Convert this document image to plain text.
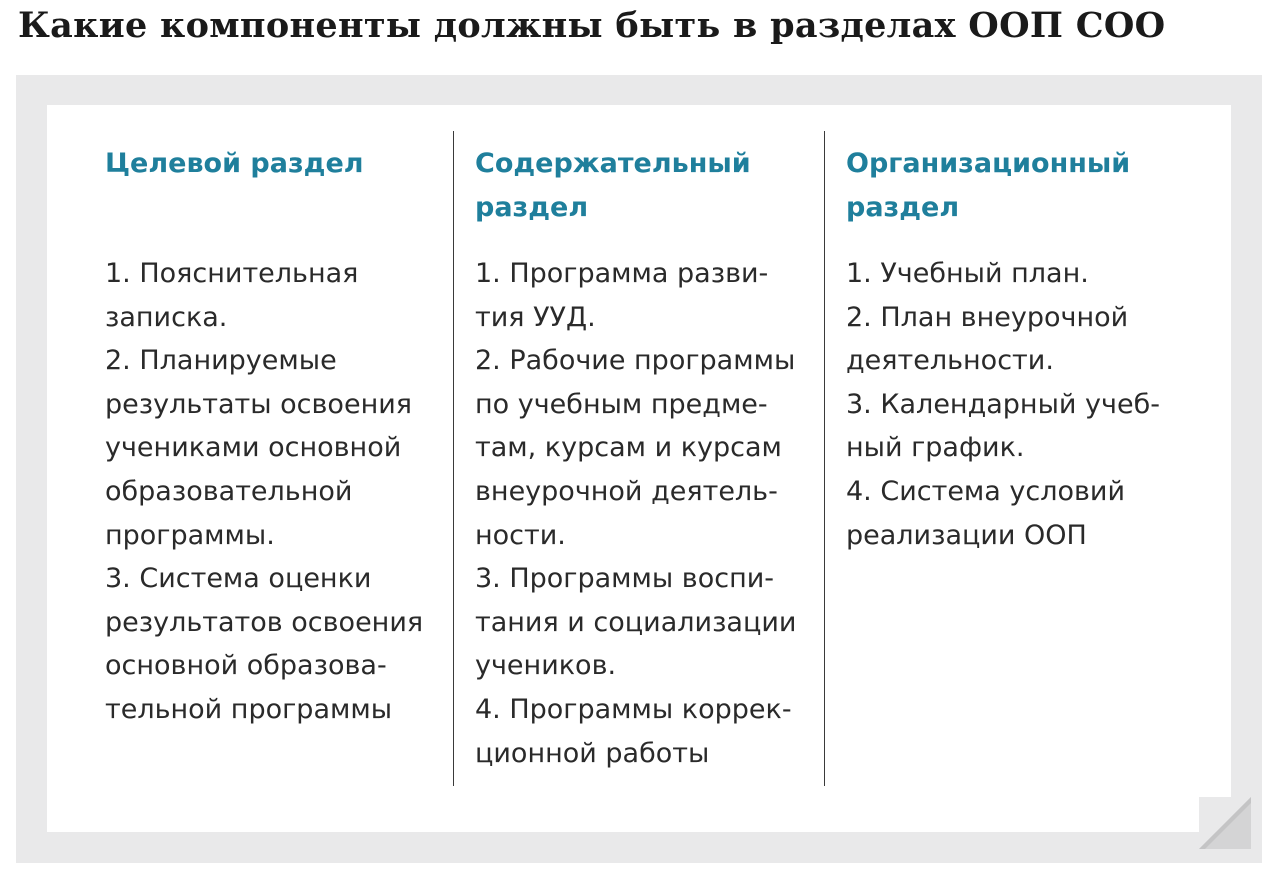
Какие компоненты должны быть в разделах ООП СОО
Целевой раздел
1. Пояснительная
записка.
2. Планируемые
результаты освоения
учениками основной
образовательной
программы.
3. Система оценки
результатов освоения
основной образова-
тельной программы
Содержательный
раздел
1. Программа разви-
тия УУД.
2. Рабочие программы
по учебным предме-
там, курсам и курсам
внеурочной деятель-
ности.
3. Программы воспи-
тания и социализации
учеников.
4. Программы коррек-
ционной работы
Организационный
раздел
1. Учебный план.
2. План внеурочной
деятельности.
3. Календарный учеб-
ный график.
4. Система условий
реализации ООП
